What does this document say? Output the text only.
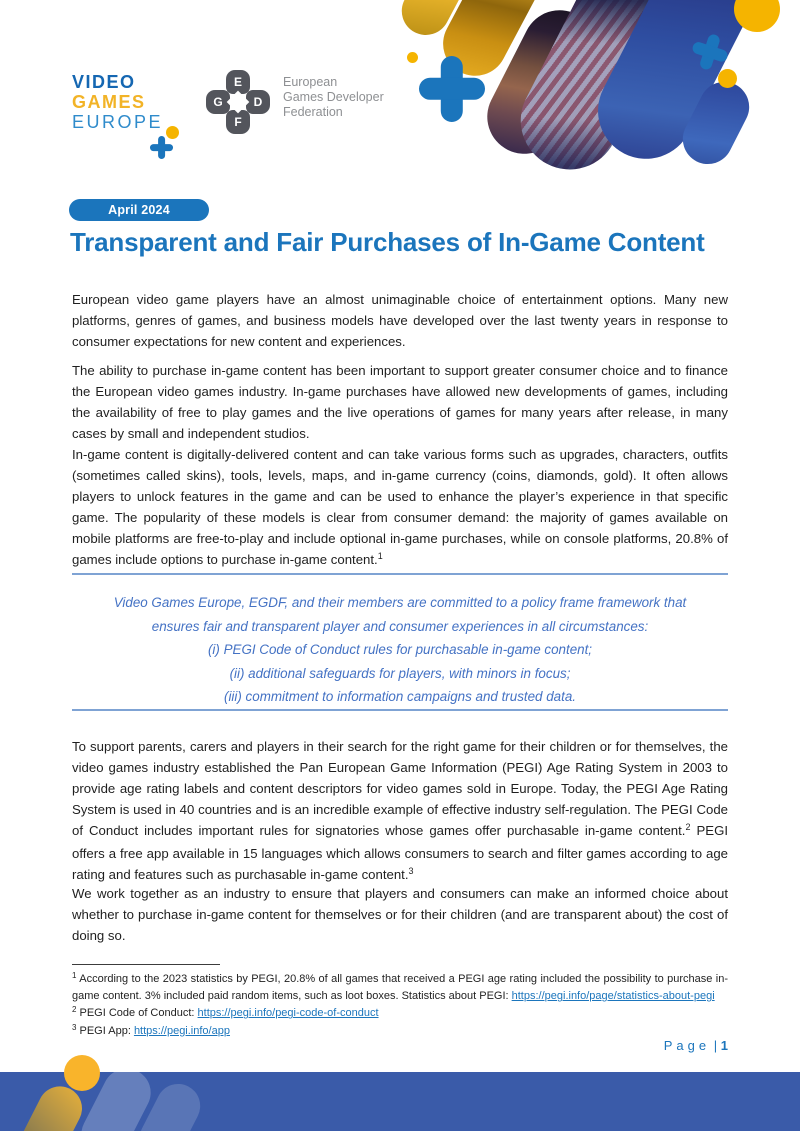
VIDEO
GAMES
EUROPE
E
G	D
F
European
Games Developer
Federation
April 2024
Transparent and Fair Purchases of In-Game Content

European video game players have an almost unimaginable choice of entertainment options. Many new platforms, genres of games, and business models have developed over the last twenty years in response to consumer expectations for new content and experiences.

The ability to purchase in-game content has been important to support greater consumer choice and to finance the European video games industry. In-game purchases have allowed new developments of games, including the availability of free to play games and the live operations of games for many years after release, in many cases by small and independent studios.

In-game content is digitally-delivered content and can take various forms such as upgrades, characters, outfits (sometimes called skins), tools, levels, maps, and in-game currency (coins, diamonds, gold). It often allows players to unlock features in the game and can be used to enhance the player’s experience in that specific game. The popularity of these models is clear from consumer demand: the majority of games available on mobile platforms are free-to-play and include optional in-game purchases, while on console platforms, 20.8% of games include options to purchase in-game content.$^1$

Video Games Europe, EGDF, and their members are committed to a policy frame framework that
ensures fair and transparent player and consumer experiences in all circumstances:
(i) PEGI Code of Conduct rules for purchasable in-game content;
(ii) additional safeguards for players, with minors in focus;
(iii) commitment to information campaigns and trusted data.

To support parents, carers and players in their search for the right game for their children or for themselves, the video games industry established the Pan European Game Information (PEGI) Age Rating System in 2003 to provide age rating labels and content descriptors for video games sold in Europe. Today, the PEGI Age Rating System is used in 40 countries and is an incredible example of effective industry self-regulation. The PEGI Code of Conduct includes important rules for signatories whose games offer purchasable in-game content.$^2$ PEGI offers a free app available in 15 languages which allows consumers to search and filter games according to age rating and features such as purchasable in-game content.$^3$

We work together as an industry to ensure that players and consumers can make an informed choice about whether to purchase in-game content for themselves or for their children (and are transparent about) the cost of doing so.

$^1$ According to the 2023 statistics by PEGI, 20.8% of all games that received a PEGI age rating included the possibility to purchase in-game content. 3% included paid random items, such as loot boxes. Statistics about PEGI: https://pegi.info/page/statistics-about-pegi
$^2$ PEGI Code of Conduct: https://pegi.info/pegi-code-of-conduct
$^3$ PEGI App: https://pegi.info/app
Page | 1
